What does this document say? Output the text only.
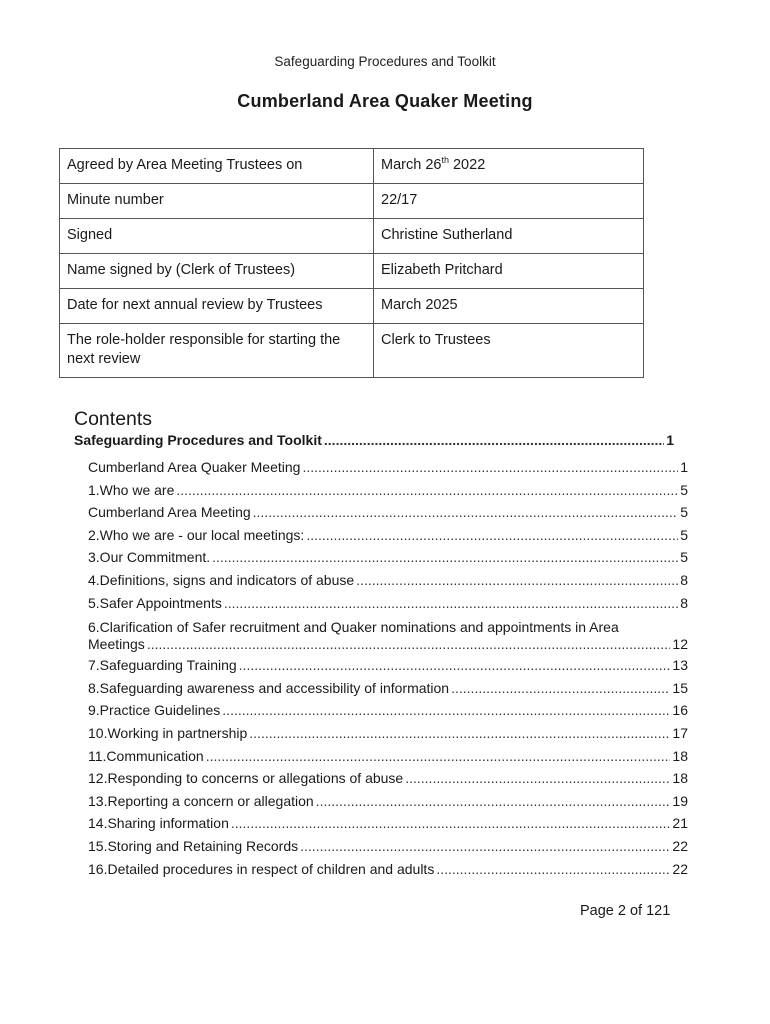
Safeguarding Procedures and Toolkit
Cumberland Area Quaker Meeting
Agreed by Area Meeting Trustees on	March 26th 2022
Minute number	22/17
Signed	Christine Sutherland
Name signed by (Clerk of Trustees)	Elizabeth Pritchard
Date for next annual review by Trustees	March 2025
The role-holder responsible for starting the next review	Clerk to Trustees
Contents
Safeguarding Procedures and Toolkit .....	1
Cumberland Area Quaker Meeting .....	1
1.Who we are .....	5
Cumberland Area Meeting .....	5
2.Who we are - our local meetings: .....	5
3.Our Commitment. .....	5
4.Definitions, signs and indicators of abuse .....	8
5.Safer Appointments .....	8
6.Clarification of Safer recruitment and Quaker nominations and appointments in Area
Meetings .....	12
7.Safeguarding Training .....	13
8.Safeguarding awareness and accessibility of information .....	15
9.Practice Guidelines .....	16
10.Working in partnership .....	17
11.Communication .....	18
12.Responding to concerns or allegations of abuse .....	18
13.Reporting a concern or allegation .....	19
14.Sharing information .....	21
15.Storing and Retaining Records .....	22
16.Detailed procedures in respect of children and adults .....	22
Page 2 of 121
